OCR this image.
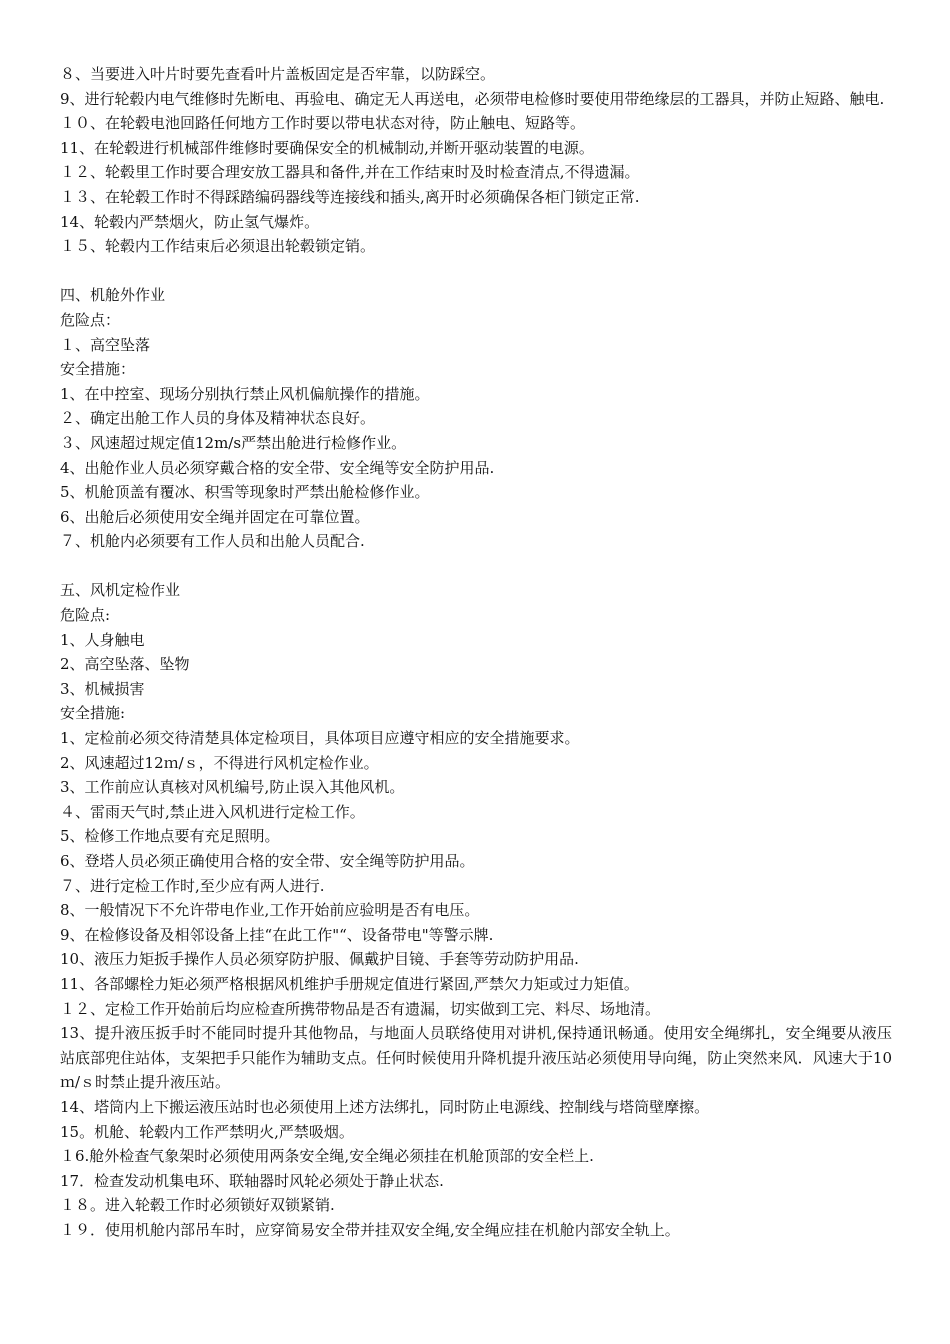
８、当要进入叶片时要先查看叶片盖板固定是否牢靠，以防踩空。
9、进行轮毂内电气维修时先断电、再验电、确定无人再送电，必须带电检修时要使用带绝缘层的工器具，并防止短路、触电.
１０、在轮毂电池回路任何地方工作时要以带电状态对待，防止触电、短路等。
11、在轮毂进行机械部件维修时要确保安全的机械制动,并断开驱动装置的电源。
１２、轮毂里工作时要合理安放工器具和备件,并在工作结束时及时检查清点,不得遗漏。
１３、在轮毂工作时不得踩踏编码器线等连接线和插头,离开时必须确保各柜门锁定正常.
14、轮毂内严禁烟火，防止氢气爆炸。
１５、轮毂内工作结束后必须退出轮毂锁定销。
四、机舱外作业
危险点：
１、高空坠落
安全措施：
1、在中控室、现场分别执行禁止风机偏航操作的措施。
２、确定出舱工作人员的身体及精神状态良好。
３、风速超过规定值12m/s严禁出舱进行检修作业。
4、出舱作业人员必须穿戴合格的安全带、安全绳等安全防护用品.
5、机舱顶盖有覆冰、积雪等现象时严禁出舱检修作业。
6、出舱后必须使用安全绳并固定在可靠位置。
７、机舱内必须要有工作人员和出舱人员配合.
五、风机定检作业
危险点:
1、人身触电
2、高空坠落、坠物
3、机械损害
安全措施:
1、定检前必须交待清楚具体定检项目，具体项目应遵守相应的安全措施要求。
2、风速超过12ｍ/ｓ，不得进行风机定检作业。
3、工作前应认真核对风机编号,防止误入其他风机。
４、雷雨天气时,禁止进入风机进行定检工作。
5、检修工作地点要有充足照明。
6、登塔人员必须正确使用合格的安全带、安全绳等防护用品。
７、进行定检工作时,至少应有两人进行.
8、一般情况下不允许带电作业,工作开始前应验明是否有电压。
9、在检修设备及相邻设备上挂“在此工作"“、设备带电"等警示牌.
10、液压力矩扳手操作人员必须穿防护服、佩戴护目镜、手套等劳动防护用品.
11、各部螺栓力矩必须严格根据风机维护手册规定值进行紧固,严禁欠力矩或过力矩值。
１２、定检工作开始前后均应检查所携带物品是否有遗漏，切实做到工完、料尽、场地清。
13、提升液压扳手时不能同时提升其他物品，与地面人员联络使用对讲机,保持通讯畅通。使用安全绳绑扎，安全绳要从液压站底部兜住站体，支架把手只能作为辅助支点。任何时候使用升降机提升液压站必须使用导向绳，防止突然来风．风速大于10ｍ/ｓ时禁止提升液压站。
14、塔筒内上下搬运液压站时也必须使用上述方法绑扎，同时防止电源线、控制线与塔筒壁摩擦。
15。机舱、轮毂内工作严禁明火,严禁吸烟。
１6.舱外检查气象架时必须使用两条安全绳,安全绳必须挂在机舱顶部的安全栏上.
17．检查发动机集电环、联轴器时风轮必须处于静止状态.
１８。进入轮毂工作时必须锁好双锁紧销.
１９．使用机舱内部吊车时，应穿简易安全带并挂双安全绳,安全绳应挂在机舱内部安全轨上。
